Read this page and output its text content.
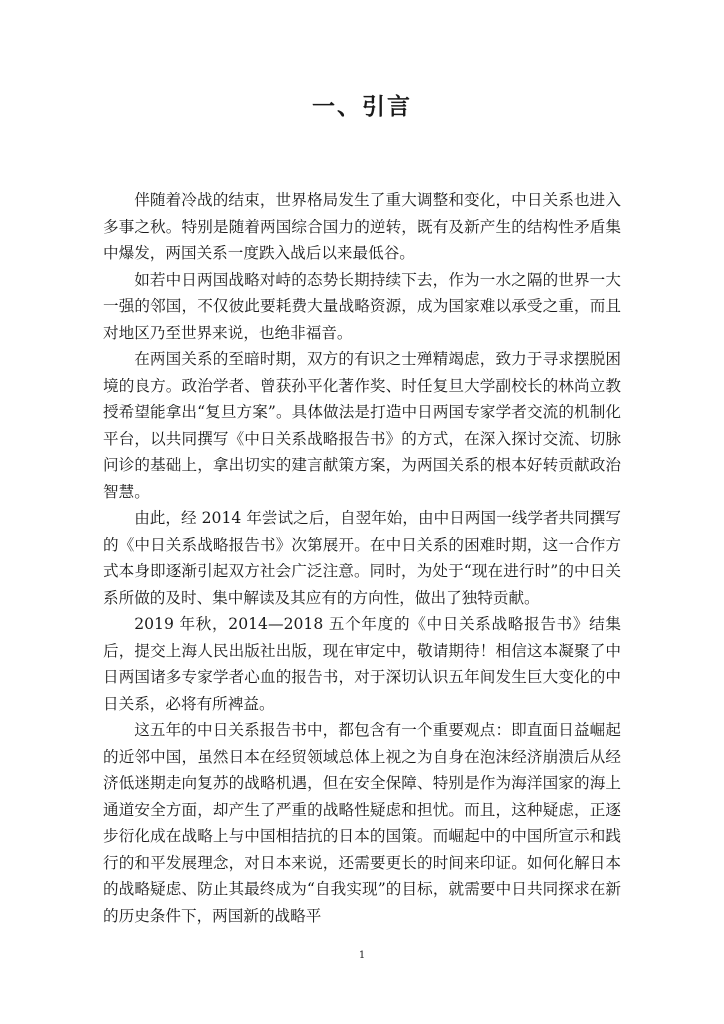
一、引言

伴随着冷战的结束，世界格局发生了重大调整和变化，中日关系也进入多事之秋。特别是随着两国综合国力的逆转，既有及新产生的结构性矛盾集中爆发，两国关系一度跌入战后以来最低谷。

如若中日两国战略对峙的态势长期持续下去，作为一水之隔的世界一大一强的邻国，不仅彼此要耗费大量战略资源，成为国家难以承受之重，而且对地区乃至世界来说，也绝非福音。

在两国关系的至暗时期，双方的有识之士殚精竭虑，致力于寻求摆脱困境的良方。政治学者、曾获孙平化著作奖、时任复旦大学副校长的林尚立教授希望能拿出“复旦方案”。具体做法是打造中日两国专家学者交流的机制化平台，以共同撰写《中日关系战略报告书》的方式，在深入探讨交流、切脉问诊的基础上，拿出切实的建言献策方案，为两国关系的根本好转贡献政治智慧。

由此，经 2014 年尝试之后，自翌年始，由中日两国一线学者共同撰写的《中日关系战略报告书》次第展开。在中日关系的困难时期，这一合作方式本身即逐渐引起双方社会广泛注意。同时，为处于“现在进行时”的中日关系所做的及时、集中解读及其应有的方向性，做出了独特贡献。

2019 年秋，2014—2018 五个年度的《中日关系战略报告书》结集后，提交上海人民出版社出版，现在审定中，敬请期待！相信这本凝聚了中日两国诸多专家学者心血的报告书，对于深切认识五年间发生巨大变化的中日关系，必将有所裨益。

这五年的中日关系报告书中，都包含有一个重要观点：即直面日益崛起的近邻中国，虽然日本在经贸领域总体上视之为自身在泡沫经济崩溃后从经济低迷期走向复苏的战略机遇，但在安全保障、特别是作为海洋国家的海上通道安全方面，却产生了严重的战略性疑虑和担忧。而且，这种疑虑，正逐步衍化成在战略上与中国相拮抗的日本的国策。而崛起中的中国所宣示和践行的和平发展理念，对日本来说，还需要更长的时间来印证。如何化解日本的战略疑虑、防止其最终成为“自我实现”的目标，就需要中日共同探求在新的历史条件下，两国新的战略平

1
